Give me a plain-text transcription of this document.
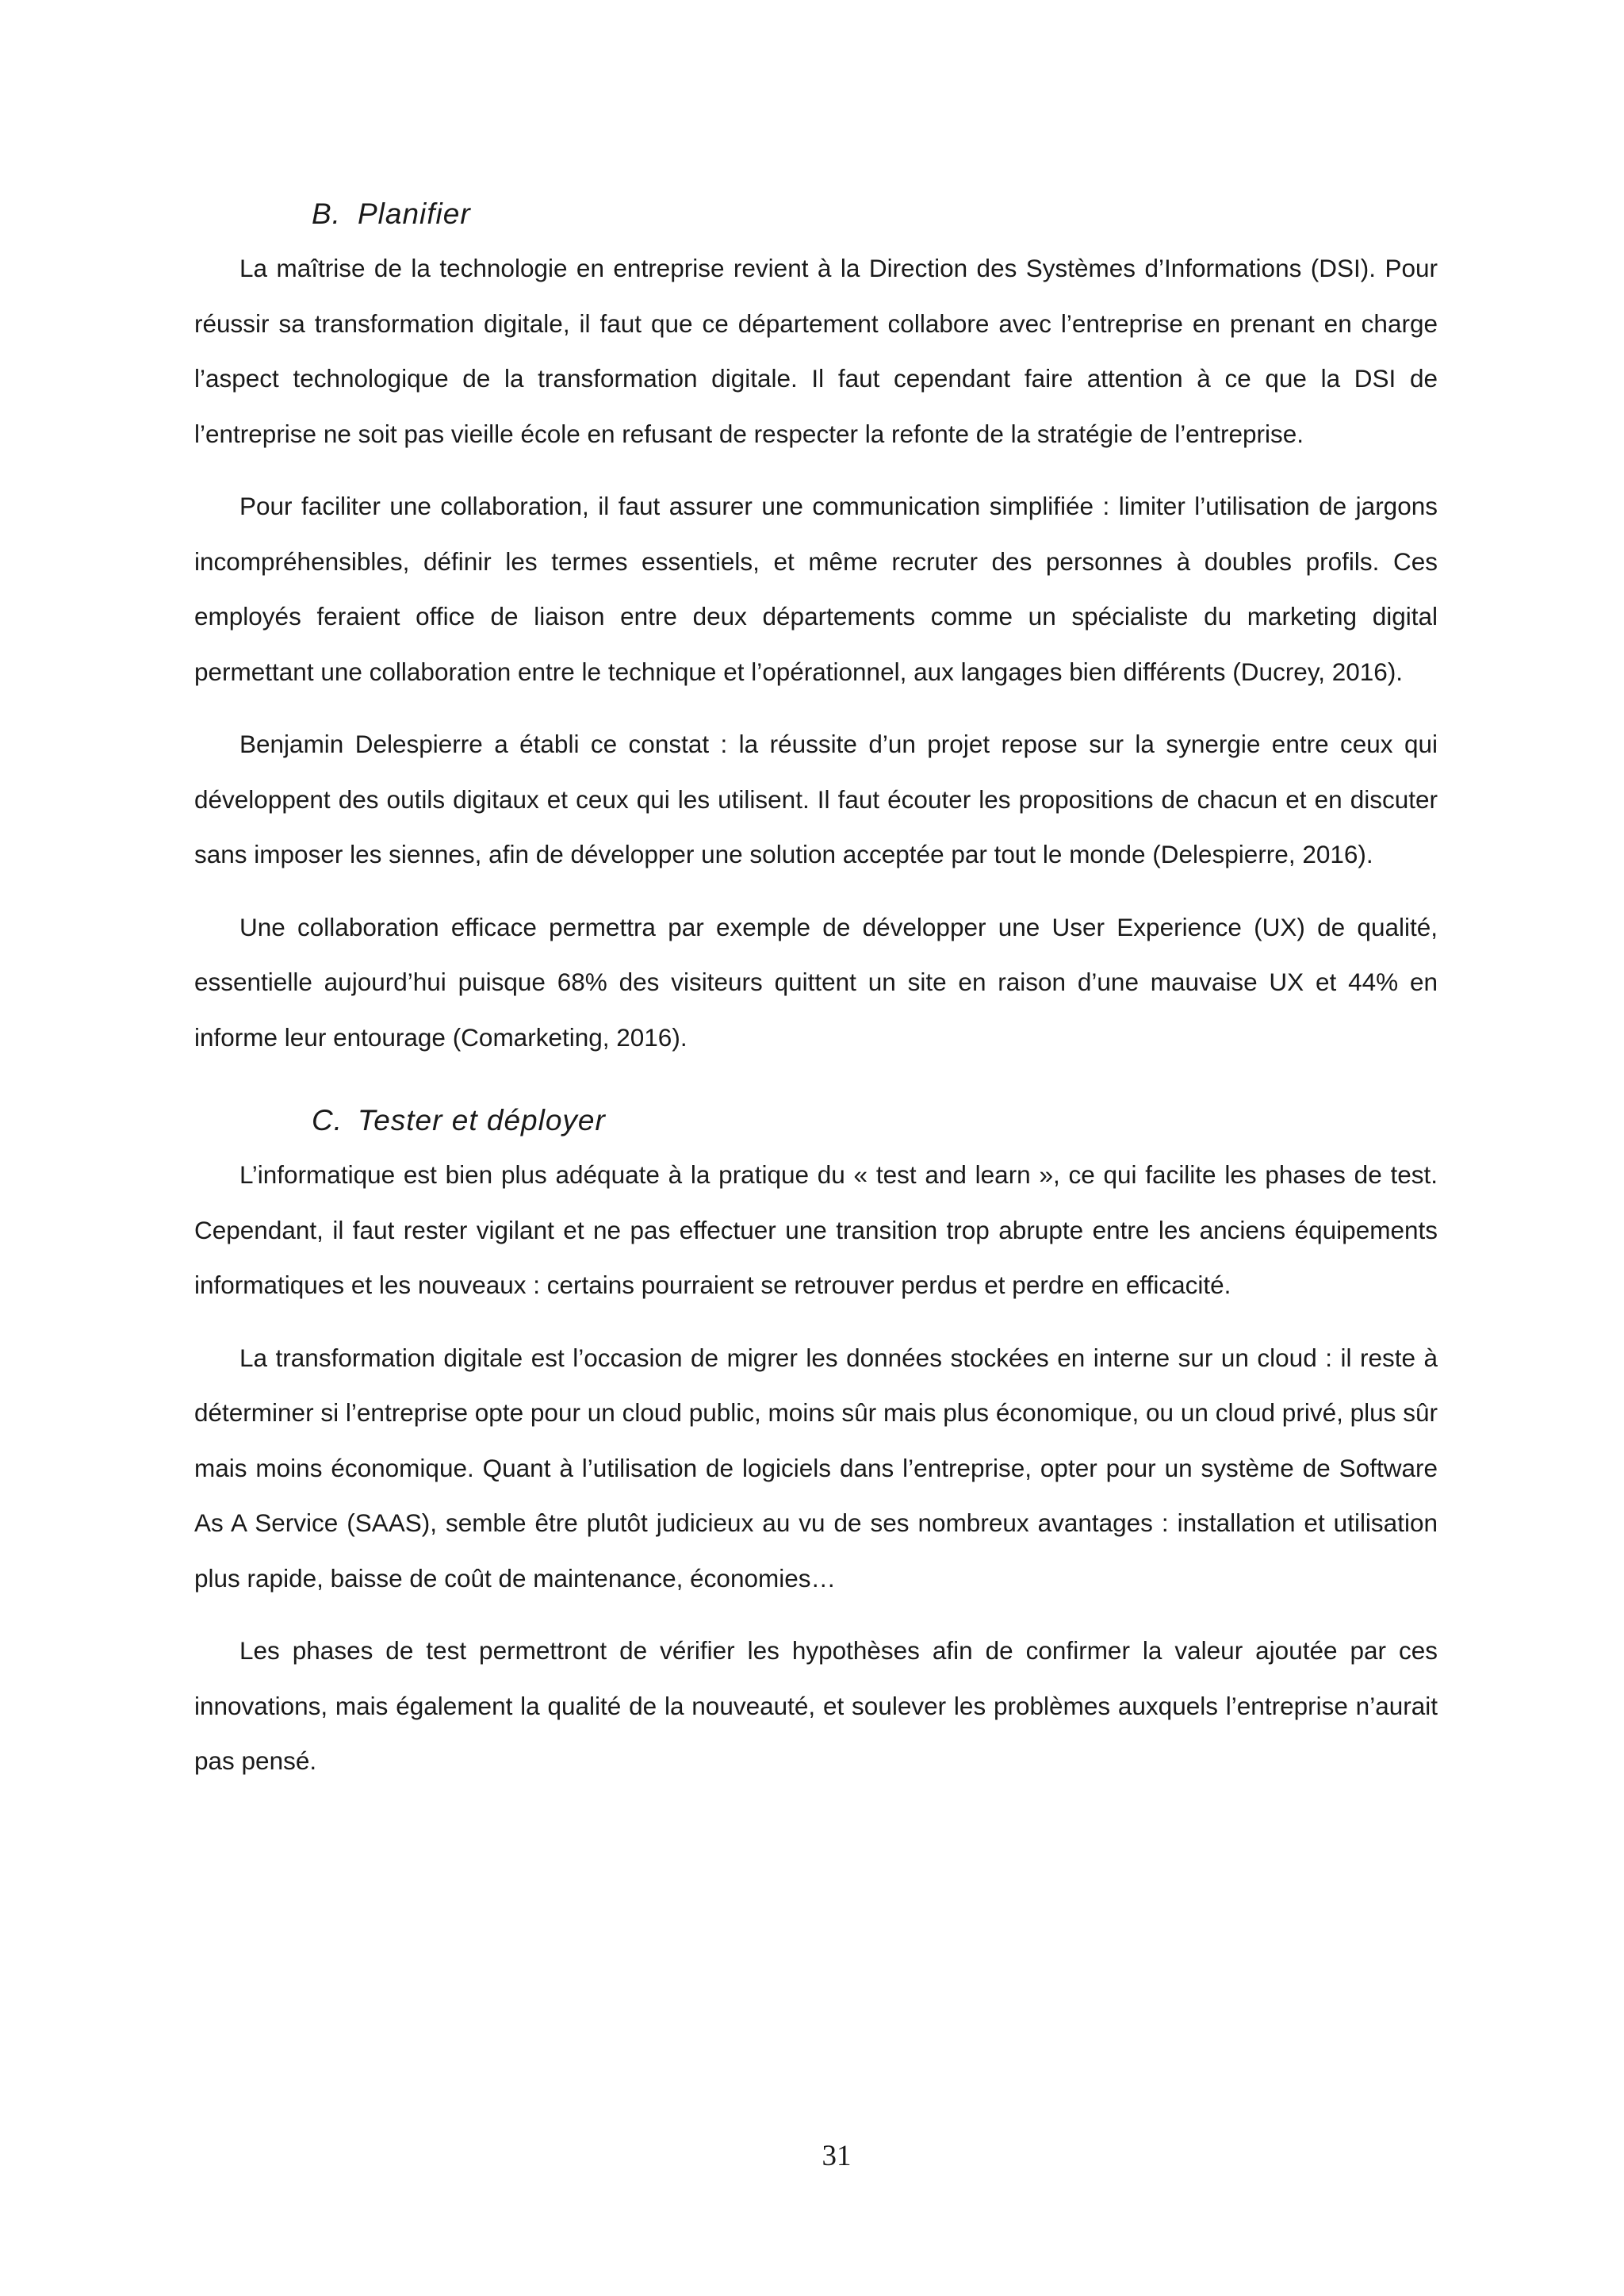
B. Planifier

La maîtrise de la technologie en entreprise revient à la Direction des Systèmes d’Informations (DSI). Pour réussir sa transformation digitale, il faut que ce département collabore avec l’entreprise en prenant en charge l’aspect technologique de la transformation digitale. Il faut cependant faire attention à ce que la DSI de l’entreprise ne soit pas vieille école en refusant de respecter la refonte de la stratégie de l’entreprise.

Pour faciliter une collaboration, il faut assurer une communication simplifiée : limiter l’utilisation de jargons incompréhensibles, définir les termes essentiels, et même recruter des personnes à doubles profils. Ces employés feraient office de liaison entre deux départements comme un spécialiste du marketing digital permettant une collaboration entre le technique et l’opérationnel, aux langages bien différents (Ducrey, 2016).

Benjamin Delespierre a établi ce constat : la réussite d’un projet repose sur la synergie entre ceux qui développent des outils digitaux et ceux qui les utilisent. Il faut écouter les propositions de chacun et en discuter sans imposer les siennes, afin de développer une solution acceptée par tout le monde (Delespierre, 2016).

Une collaboration efficace permettra par exemple de développer une User Experience (UX) de qualité, essentielle aujourd’hui puisque 68% des visiteurs quittent un site en raison d’une mauvaise UX et 44% en informe leur entourage (Comarketing, 2016).

C. Tester et déployer

L’informatique est bien plus adéquate à la pratique du « test and learn », ce qui facilite les phases de test. Cependant, il faut rester vigilant et ne pas effectuer une transition trop abrupte entre les anciens équipements informatiques et les nouveaux : certains pourraient se retrouver perdus et perdre en efficacité.

La transformation digitale est l’occasion de migrer les données stockées en interne sur un cloud : il reste à déterminer si l’entreprise opte pour un cloud public, moins sûr mais plus économique, ou un cloud privé, plus sûr mais moins économique. Quant à l’utilisation de logiciels dans l’entreprise, opter pour un système de Software As A Service (SAAS), semble être plutôt judicieux au vu de ses nombreux avantages : installation et utilisation plus rapide, baisse de coût de maintenance, économies…

Les phases de test permettront de vérifier les hypothèses afin de confirmer la valeur ajoutée par ces innovations, mais également la qualité de la nouveauté, et soulever les problèmes auxquels l’entreprise n’aurait pas pensé.

31
